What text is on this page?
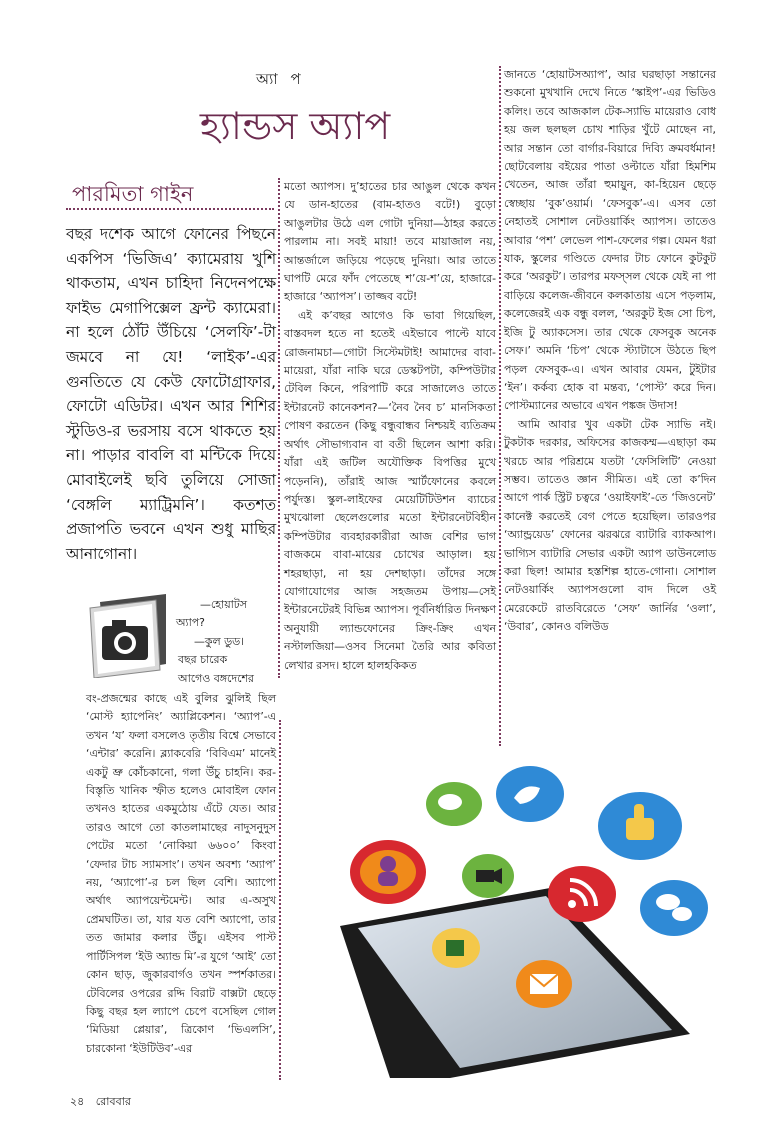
অ্যা প
হ্যান্ডস অ্যাপ
পারমিতা গাইন

বছর দশেক আগে ফোনের পিছনে একপিস ‘ভিজিএ’ ক্যামেরায় খুশি থাকতাম, এখন চাহিদা নিদেনপক্ষে ফাইভ মেগাপিক্সেল ফ্রন্ট ক্যামেরা। না হলে ঠোঁট উঁচিয়ে ‘সেলফি’-টা জমবে না যে! ‘লাইক’-এর গুনতিতে যে কেউ ফোটোগ্রাফার, ফোটো এডিটর। এখন আর শিশির স্টুডিও-র ভরসায় বসে থাকতে হয় না। পাড়ার বাবলি বা মন্টিকে দিয়ে মোবাইলেই ছবি তুলিয়ে সোজা ‘বেঙ্গলি ম্যাট্রিমনি’। কতশত প্রজাপতি ভবনে এখন শুধু মাছির আনাগোনা।

—হোয়াটস
অ্যাপ?
—কুল ডুড।
বছর চারেক
আগেও বঙ্গদেশের

বং-প্রজন্মের কাছে এই বুলির ঝুলিই ছিল ‘মোস্ট হ্যাপেনিং’ অ্যাপ্লিকেশন। ‘অ্যাপ’-এ তখন ‘য’ ফলা বসলেও তৃতীয় বিশ্বে সেভাবে ‘এন্টার’ করেনি। ব্ল্যাকবেরি ‘বিবিএম’ মানেই একটু ভ্রু কোঁচকানো, গলা উঁচু চাহনি। কর-বিস্তৃতি খানিক স্ফীত হলেও মোবাইল ফোন তখনও হাতের একমুঠোয় এঁটে যেত। আর তারও আগে তো কাতলামাছের নাদুসনুদুস পেটের মতো ‘নোকিয়া ৬৬০০’ কিংবা ‘ফেদার টাচ স্যামসাং’। তখন অবশ্য ‘অ্যাপ’ নয়, ‘অ্যাপো’-র চল ছিল বেশি। অ্যাপো অর্থাৎ অ্যাপয়েন্টমেন্ট। আর এ-অসুখ প্রেমঘটিত। তা, যার যত বেশি অ্যাপো, তার তত জামার কলার উঁচু। এইসব পাস্ট পার্টিসিপল ‘ইউ অ্যান্ড মি’-র যুগে ‘আই’ তো কোন ছাড়, জুকারবার্গও তখন স্পর্শকাতর। টেবিলের ওপরের রদ্দি বিরাট বাক্সটা ছেড়ে কিছু বছর হল ল্যাপে চেপে বসেছিল গোল ‘মিডিয়া প্লেয়ার’, ত্রিকোণ ‘ভিএলসি’, চারকোনা ‘ইউটিউব’-এর

মতো অ্যাপস। দু’হাতের চার আঙুল থেকে কখন যে ডান-হাতের (বাম-হাতও বটে!) বুড়ো আঙুলটার উঠে এল গোটা দুনিয়া—ঠাহর করতে পারলাম না। সবই মায়া! তবে মায়াজাল নয়, আন্তর্জালে জড়িয়ে পড়েছে দুনিয়া। আর তাতে ঘাপটি মেরে ফাঁদ পেতেছে শ’য়ে-শ’য়ে, হাজারে-হাজারে ‘অ্যাপস’। তাজ্জব বটে!

এই ক’বছর আগেও কি ভাবা গিয়েছিল, বাস্তবদল হতে না হতেই এইভাবে পাল্টে যাবে রোজনামচা—গোটা সিস্টেমটাই! আমাদের বাবা-মায়েরা, যাঁরা নাকি ঘরে ডেস্কটপটা, কম্পিউটার টেবিল কিনে, পরিপাটি করে সাজালেও তাতে ইন্টারনেট কানেকশন?—‘নৈব নৈব চ’ মানসিকতা পোষণ করতেন (কিছু বন্ধুবান্ধব নিশ্চয়ই ব্যতিক্রম অর্থাৎ সৌভাগ্যবান বা বতী ছিলেন আশা করি। যাঁরা এই জটিল অযৌক্তিক বিপত্তির মুখে পড়েননি), তাঁরাই আজ স্মার্টফোনের কবলে পর্যুদস্ত। স্কুল-লাইফের মেয়েটিটিউশন ব্যাচের মুখঝোলা ছেলেগুলোর মতো ইন্টারনেটবিহীন কম্পিউটার ব্যবহারকারীরা আজ বেশির ভাগ বাজকমে বাবা-মায়ের চোখের আড়াল। হয় শহরছাড়া, না হয় দেশছাড়া। তাঁদের সঙ্গে যোগাযোগের আজ সহজতম উপায়—সেই ইন্টারনেটেরই বিভিন্ন অ্যাপস। পূর্বনির্ধারিত দিনক্ষণ অনুযায়ী ল্যান্ডফোনের ক্রিং-ক্রিং এখন নস্টালজিয়া—ওসব সিনেমা তৈরি আর কবিতা লেখার রসদ। হালে হালহকিকত

জানতে ‘হোয়াটসঅ্যাপ’, আর ঘরছাড়া সন্তানের শুকনো মুখখানি দেখে নিতে ‘স্কাইপ’-এর ভিডিও কলিং। তবে আজকাল টেক-স্যাভি মায়েরাও বোধ হয় জল ছলছল চোখ শাড়ির খুঁটে মোছেন না, আর সন্তান তো বার্গার-বিয়ারে দিব্যি ক্রমবর্ধমান! ছোটবেলায় বইয়ের পাতা ওল্টাতে যাঁরা হিমশিম খেতেন, আজ তাঁরা হুমায়ুন, কা-হিয়েন ছেড়ে স্বেচ্ছায় ‘বুক’ওয়ার্ম। ‘ফেসবুক’-এ। এসব তো নেহাতই সোশাল নেটওয়ার্কিং অ্যাপস। তাতেও আবার ‘পশ’ লেভেল পাশ-ফেলের গল্প। যেমন ধরা যাক, স্কুলের গণ্ডিতে ফেদার টাচ ফোনে কুটকুট করে ‘অরকুট’। তারপর মফস্সল থেকে যেই না পা বাড়িয়ে কলেজ-জীবনে কলকাতায় এসে পড়লাম, কলেজেরই এক বন্ধু বলল, ‘অরকুট ইজ সো চিপ, ইজি টু অ্যাকসেস। তার থেকে ফেসবুক অনেক সেফ।’ অমনি ‘চিপ’ থেকে স্ট্যাটাসে উঠতে ছিপ পড়ল ফেসবুক-এ। এখন আবার যেমন, টুইটার ‘ইন’। কর্কব্য হোক বা মন্তব্য, ‘পোস্ট’ করে দিন। পোস্টম্যানের অভাবে এখন পঙ্কজ উদাস!

আমি আবার খুব একটা টেক স্যাভি নই। টুকটাক দরকার, অফিসের কাজকম্ম—এছাড়া কম খরচে আর পরিশ্রমে যতটা ‘ফেসিলিটি’ নেওয়া সম্ভব। তাতেও জ্ঞান সীমিত। এই তো ক’দিন আগে পার্ক স্ট্রিট চত্বরে ‘ওয়াইফাই’-তে ‘জিওনেট’ কানেক্ট করতেই বেগ পেতে হয়েছিল। তারওপর ‘অ্যান্ড্রয়েড’ ফোনের ঝরঝরে ব্যাটারি ব্যাকআপ। ভাগ্যিস ব্যাটারি সেভার একটা অ্যাপ ডাউনলোড করা ছিল! আমার হস্তশিল্প হাতে-গোনা। সোশাল নেটওয়ার্কিং অ্যাপসগুলো বাদ দিলে ওই মেরেকেটে রাতবিরেতে ‘সেফ’ জার্নির ‘ওলা’, ‘উবার’, কোনও বলিউড

২৪ রোববার
